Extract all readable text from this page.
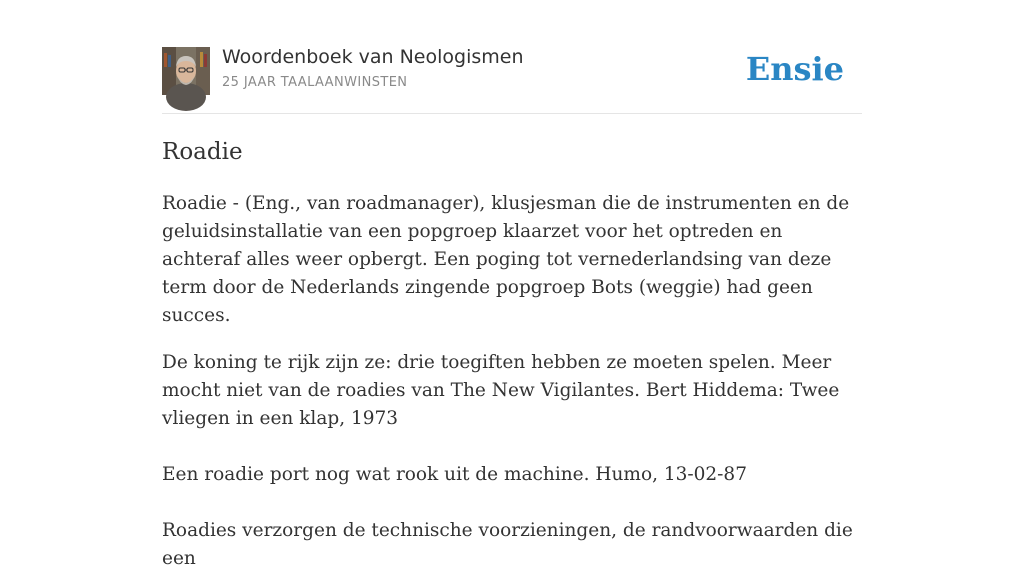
Woordenboek van Neologismen
25 JAAR TAALAANWINSTEN	Ensie
Roadie

Roadie - (Eng., van roadmanager), klusjesman die de instrumenten en de geluidsinstallatie van een popgroep klaarzet voor het optreden en achteraf alles weer opbergt. Een poging tot vernederlandsing van deze term door de Nederlands zingende popgroep Bots (weggie) had geen succes.

De koning te rijk zijn ze: drie toegiften hebben ze moeten spelen. Meer mocht niet van de roadies van The New Vigilantes. Bert Hiddema: Twee vliegen in een klap, 1973
Een roadie port nog wat rook uit de machine. Humo, 13-02-87
Roadies verzorgen de technische voorzieningen, de randvoorwaarden die een
